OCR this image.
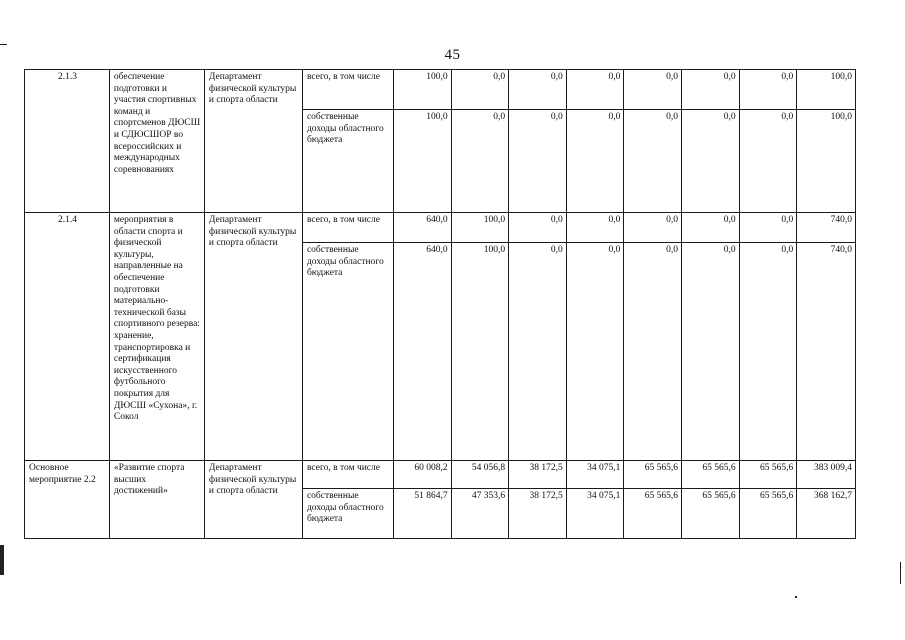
45
2.1.3	обеспечение подготовки и участия спортивных команд и спортсменов ДЮСШ и СДЮСШОР во всероссийских и международных соревнованиях	Департамент физической культуры и спорта области	всего, в том числе	100,0	0,0	0,0	0,0	0,0	0,0	0,0	100,0
			собственные доходы областного бюджета	100,0	0,0	0,0	0,0	0,0	0,0	0,0	100,0
2.1.4	мероприятия в области спорта и физической культуры, направленные на обеспечение подготовки материально-технической базы спортивного резерва: хранение, транспортировка и сертификация искусственного футбольного покрытия для ДЮСШ «Сухона», г. Сокол	Департамент физической культуры и спорта области	всего, в том числе	640,0	100,0	0,0	0,0	0,0	0,0	0,0	740,0
			собственные доходы областного бюджета	640,0	100,0	0,0	0,0	0,0	0,0	0,0	740,0
Основное мероприятие 2.2	«Развитие спорта высших достижений»	Департамент физической культуры и спорта области	всего, в том числе	60 008,2	54 056,8	38 172,5	34 075,1	65 565,6	65 565,6	65 565,6	383 009,4
			собственные доходы областного бюджета	51 864,7	47 353,6	38 172,5	34 075,1	65 565,6	65 565,6	65 565,6	368 162,7
